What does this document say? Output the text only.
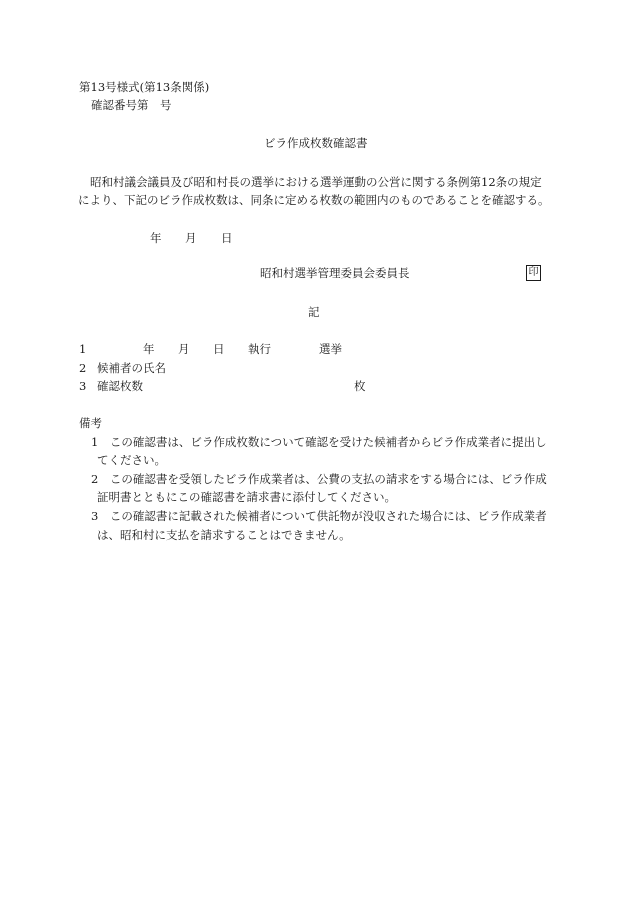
第13号様式(第13条関係)
確認番号第　号
ビラ作成枚数確認書
昭和村議会議員及び昭和村長の選挙における選挙運動の公営に関する条例第12条の規定
により、下記のビラ作成枚数は、同条に定める枚数の範囲内のものであることを確認する。
年 月 日
昭和村選挙管理委員会委員長	印
記
1	年 月 日 執行	選挙
2 候補者の氏名
3 確認枚数	枚
備考
1　この確認書は、ビラ作成枚数について確認を受けた候補者からビラ作成業者に提出し
てください。
2　この確認書を受領したビラ作成業者は、公費の支払の請求をする場合には、ビラ作成
証明書とともにこの確認書を請求書に添付してください。
3　この確認書に記載された候補者について供託物が没収された場合には、ビラ作成業者
は、昭和村に支払を請求することはできません。
